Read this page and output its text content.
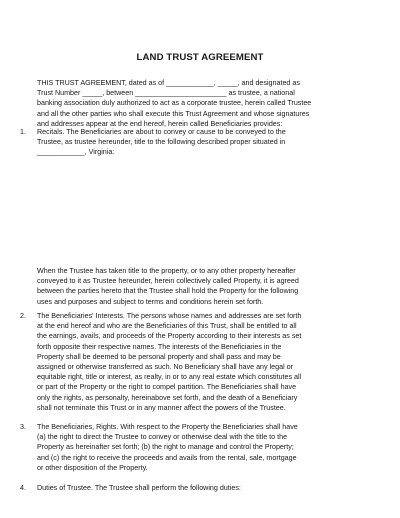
LAND TRUST AGREEMENT
THIS TRUST AGREEMENT, dated as of ____________, _____, and designated as
Trust Number _____, between _______________________ as trustee, a national
banking association duly authorized to act as a corporate trustee, herein called Trustee
and all the other parties who shall execute this Trust Agreement and whose signatures
and addresses appear at the end hereof, herein called Beneficiaries provides:
1. Recitals. The Beneficiaries are about to convey or cause to be conveyed to the
Trustee, as trustee hereunder, title to the following described proper situated in
____________, Virginia:
When the Trustee has taken title to the property, or to any other property hereafter
conveyed to it as Trustee hereunder, herein collectively called Property, it is agreed
between the parties hereto that the Trustee shall hold the Property for the following
uses and purposes and subject to terms and conditions herein set forth.
2. The Beneficiaries' Interests. The persons whose names and addresses are set forth
at the end hereof and who are the Beneficiaries of this Trust, shall be entitled to all
the earnings, avails, and proceeds of the Property according to their interests as set
forth opposite their respective names. The interests of the Beneficiaries in the
Property shall be deemed to be personal property and shall pass and may be
assigned or otherwise transferred as such. No Beneficiary shall have any legal or
equitable right, title or interest, as realty, in or to any real estate which constitutes all
or part of the Property or the right to compel partition. The Beneficiaries shall have
only the rights, as personalty, hereinabove set forth, and the death of a Beneficiary
shall not terminate this Trust or in any manner affect the powers of the Trustee.
3. The Beneficiaries, Rights. With respect to the Property the Beneficiaries shall have
(a) the right to direct the Trustee to convey or otherwise deal with the title to the
Property as hereinafter set forth; (b) the right to manage and control the Property;
and (c) the right to receive the proceeds and avails from the rental, sale, mortgage
or other disposition of the Property.
4. Duties of Trustee. The Trustee shall perform the following duties:
